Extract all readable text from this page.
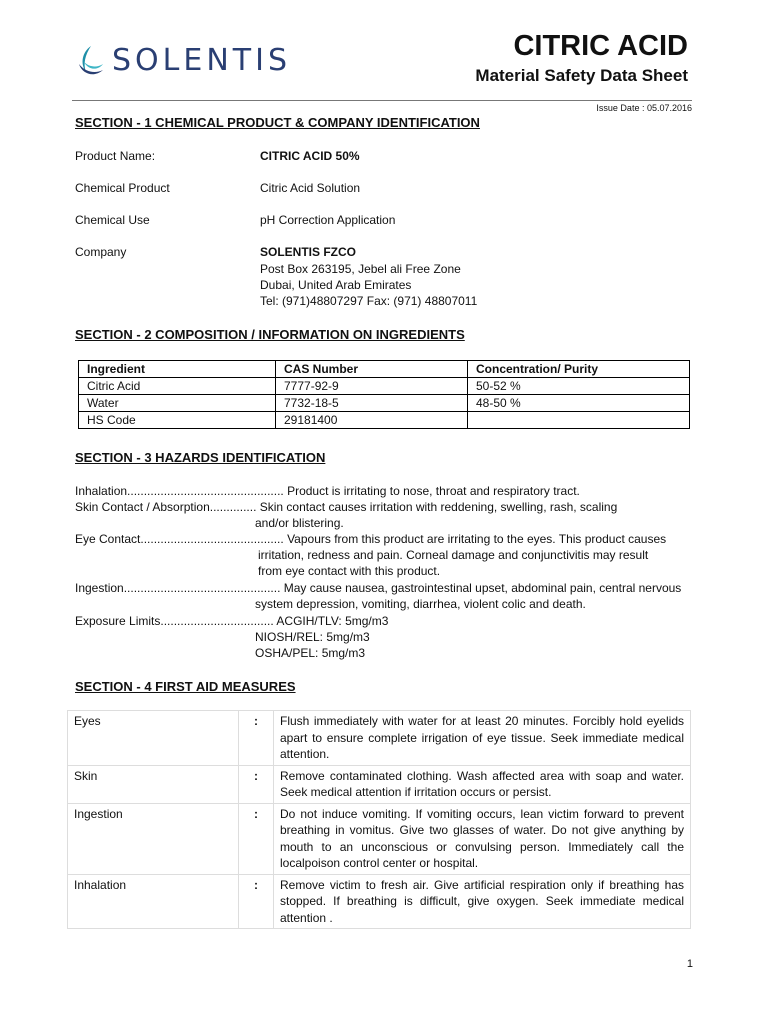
SOLENTIS	CITRIC ACID
Material Safety Data Sheet
Issue Date : 05.07.2016
SECTION - 1 CHEMICAL PRODUCT & COMPANY IDENTIFICATION
Product Name:	CITRIC ACID 50%
Chemical Product	Citric Acid Solution
Chemical Use	pH Correction Application
Company	SOLENTIS FZCO
Post Box 263195, Jebel ali Free Zone
Dubai, United Arab Emirates
Tel: (971)48807297 Fax: (971) 48807011
SECTION - 2 COMPOSITION / INFORMATION ON INGREDIENTS
Ingredient	CAS Number	Concentration/ Purity
Citric Acid	7777-92-9	50-52 %
Water	7732-18-5	48-50 %
HS Code	29181400	
SECTION - 3 HAZARDS IDENTIFICATION
Inhalation............................................... Product is irritating to nose, throat and respiratory tract.
Skin Contact / Absorption.............. Skin contact causes irritation with reddening, swelling, rash, scaling
and/or blistering.
Eye Contact........................................... Vapours from this product are irritating to the eyes. This product causes
irritation, redness and pain. Corneal damage and conjunctivitis may result
from eye contact with this product.
Ingestion............................................... May cause nausea, gastrointestinal upset, abdominal pain, central nervous
system depression, vomiting, diarrhea, violent colic and death.
Exposure Limits.................................. ACGIH/TLV: 5mg/m3
NIOSH/REL: 5mg/m3
OSHA/PEL: 5mg/m3
SECTION - 4 FIRST AID MEASURES
Eyes	:	Flush immediately with water for at least 20 minutes. Forcibly hold eyelids apart to ensure complete irrigation of eye tissue. Seek immediate medical attention.
Skin	:	Remove contaminated clothing. Wash affected area with soap and water. Seek medical attention if irritation occurs or persist.
Ingestion	:	Do not induce vomiting. If vomiting occurs, lean victim forward to prevent breathing in vomitus. Give two glasses of water. Do not give anything by mouth to an unconscious or convulsing person. Immediately call the localpoison control center or hospital.
Inhalation	:	Remove victim to fresh air. Give artificial respiration only if breathing has stopped. If breathing is difficult, give oxygen. Seek immediate medical attention .
1
